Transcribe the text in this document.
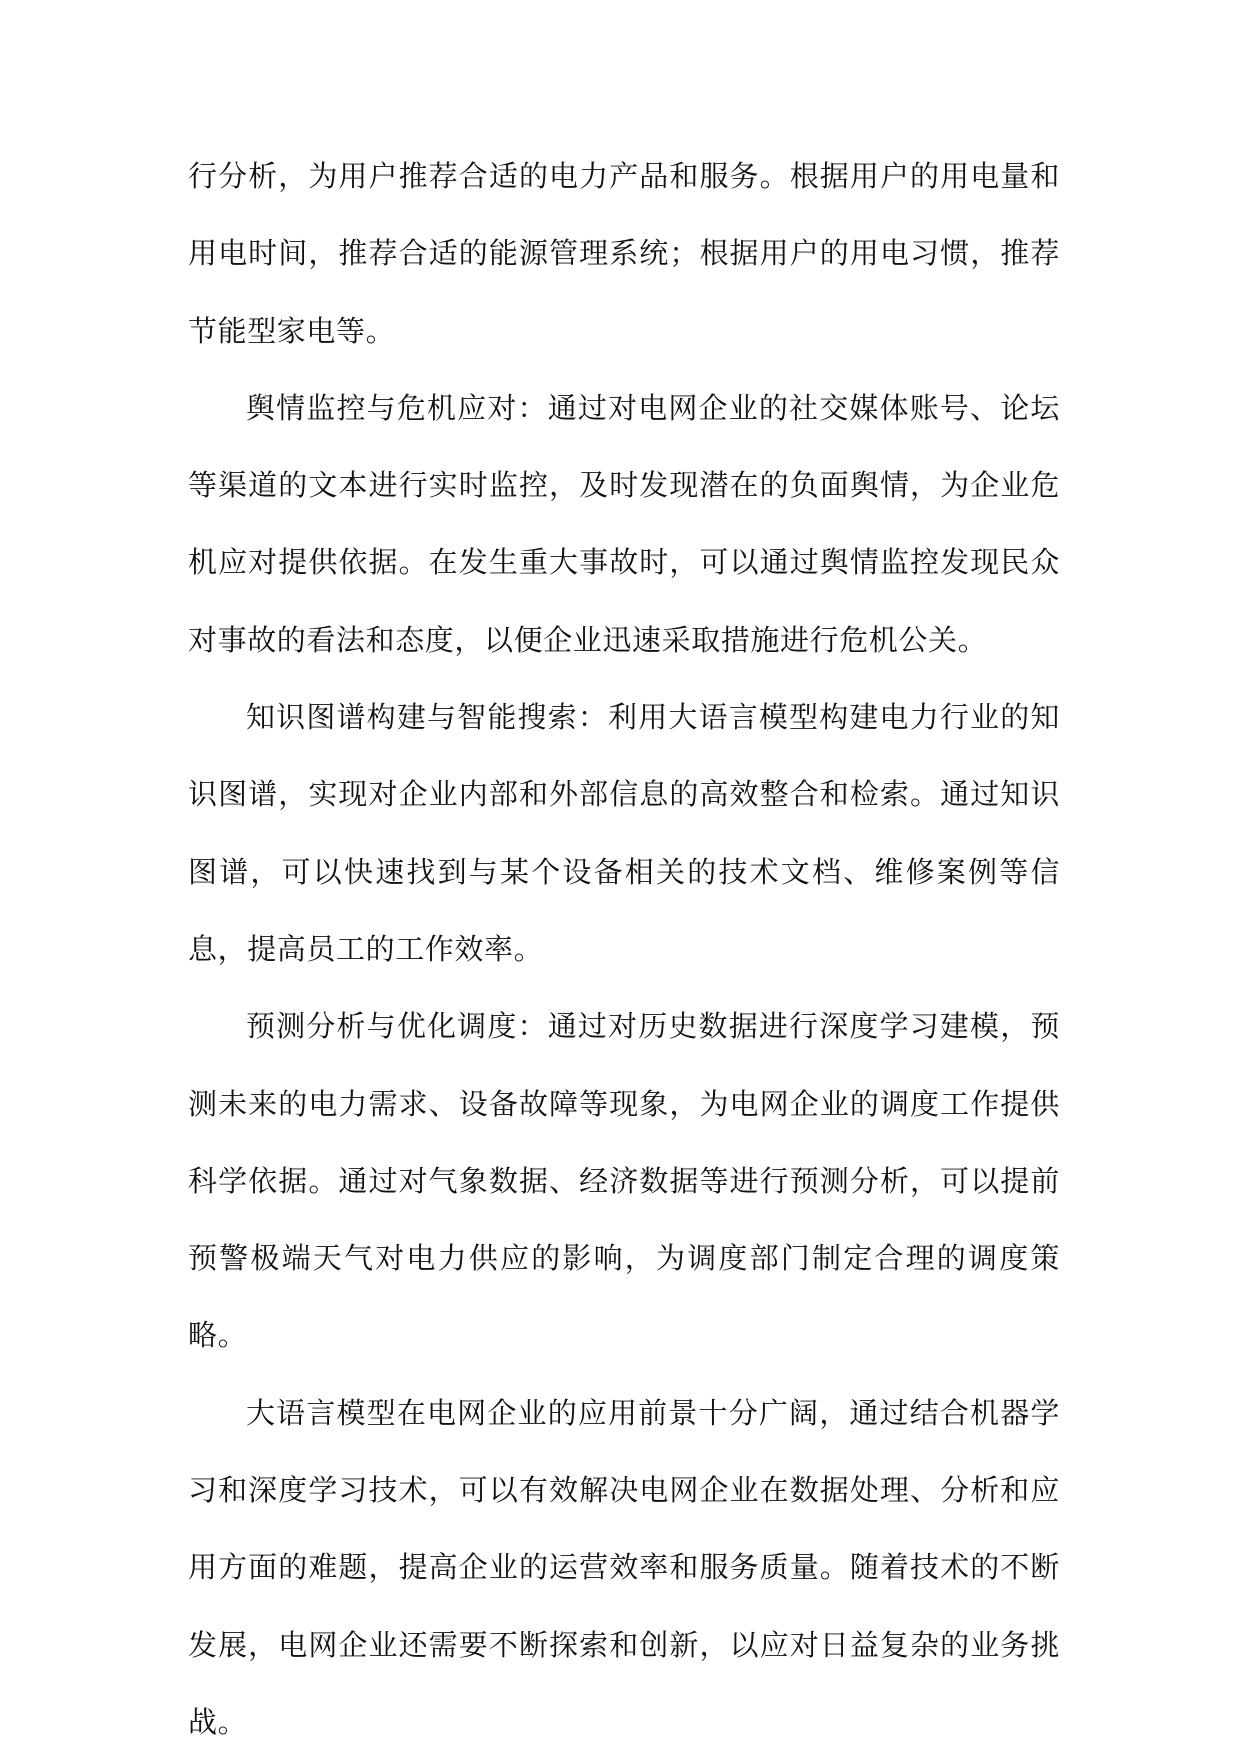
行分析，为用户推荐合适的电力产品和服务。根据用户的用电量和用电时间，推荐合适的能源管理系统；根据用户的用电习惯，推荐节能型家电等。

舆情监控与危机应对：通过对电网企业的社交媒体账号、论坛等渠道的文本进行实时监控，及时发现潜在的负面舆情，为企业危机应对提供依据。在发生重大事故时，可以通过舆情监控发现民众对事故的看法和态度，以便企业迅速采取措施进行危机公关。

知识图谱构建与智能搜索：利用大语言模型构建电力行业的知识图谱，实现对企业内部和外部信息的高效整合和检索。通过知识图谱，可以快速找到与某个设备相关的技术文档、维修案例等信息，提高员工的工作效率。

预测分析与优化调度：通过对历史数据进行深度学习建模，预测未来的电力需求、设备故障等现象，为电网企业的调度工作提供科学依据。通过对气象数据、经济数据等进行预测分析，可以提前预警极端天气对电力供应的影响，为调度部门制定合理的调度策略。

大语言模型在电网企业的应用前景十分广阔，通过结合机器学习和深度学习技术，可以有效解决电网企业在数据处理、分析和应用方面的难题，提高企业的运营效率和服务质量。随着技术的不断发展，电网企业还需要不断探索和创新，以应对日益复杂的业务挑战。
